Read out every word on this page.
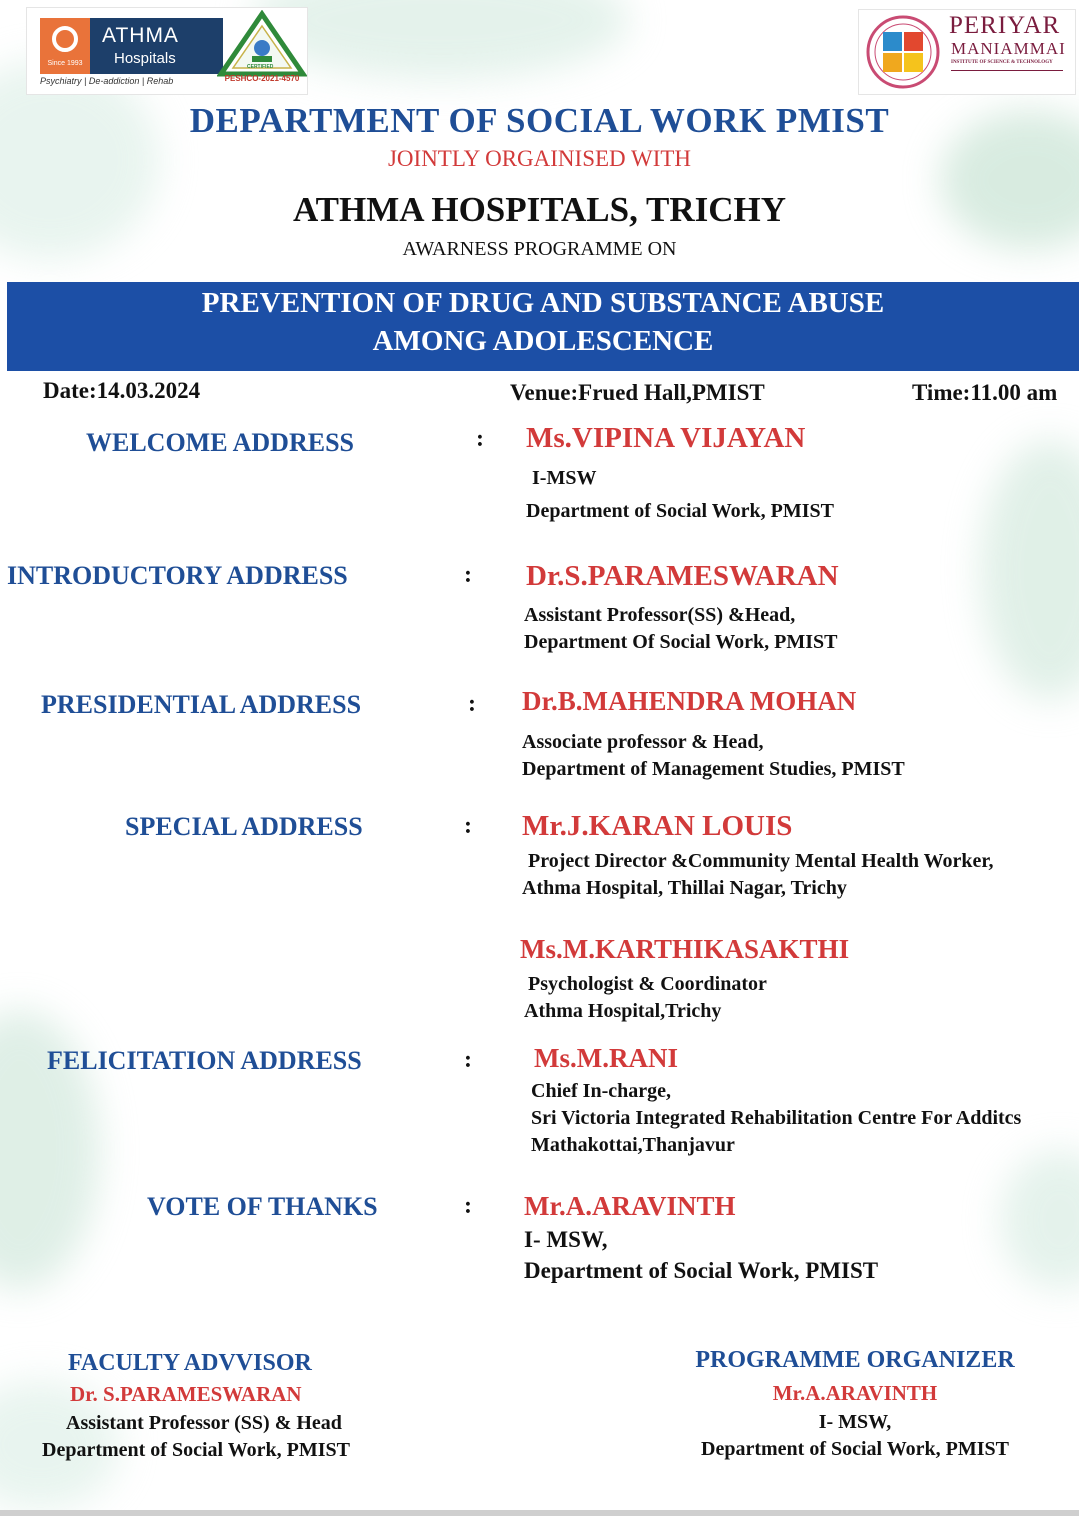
Since 1993
ATHMA
Hospitals
Psychiatry | De-addiction | Rehab
CERTIFIED
PESHCO-2021-4570
PERIYAR
MANIAMMAI
INSTITUTE OF SCIENCE & TECHNOLOGY
DEPARTMENT OF SOCIAL WORK PMIST
JOINTLY ORGAINISED WITH
ATHMA HOSPITALS, TRICHY
AWARNESS PROGRAMME ON
PREVENTION OF DRUG AND SUBSTANCE ABUSE
AMONG ADOLESCENCE
Date:14.03.2024	Venue:Frued Hall,PMIST	Time:11.00 am
WELCOME ADDRESS	: Ms.VIPINA VIJAYAN
I-MSW
Department of Social Work, PMIST
INTRODUCTORY ADDRESS	: Dr.S.PARAMESWARAN
Assistant Professor(SS) &Head,
Department Of Social Work, PMIST
PRESIDENTIAL ADDRESS	: Dr.B.MAHENDRA MOHAN
Associate professor & Head,
Department of Management Studies, PMIST
SPECIAL ADDRESS	: Mr.J.KARAN LOUIS
Project Director &Community Mental Health Worker,
Athma Hospital, Thillai Nagar, Trichy
Ms.M.KARTHIKASAKTHI
Psychologist & Coordinator
Athma Hospital,Trichy
FELICITATION ADDRESS	: Ms.M.RANI
Chief In-charge,
Sri Victoria Integrated Rehabilitation Centre For Additcs
Mathakottai,Thanjavur
VOTE OF THANKS	: Mr.A.ARAVINTH
I- MSW,
Department of Social Work, PMIST
FACULTY ADVVISOR
Dr. S.PARAMESWARAN
Assistant Professor (SS) & Head
Department of Social Work, PMIST
PROGRAMME ORGANIZER
Mr.A.ARAVINTH
I- MSW,
Department of Social Work, PMIST
